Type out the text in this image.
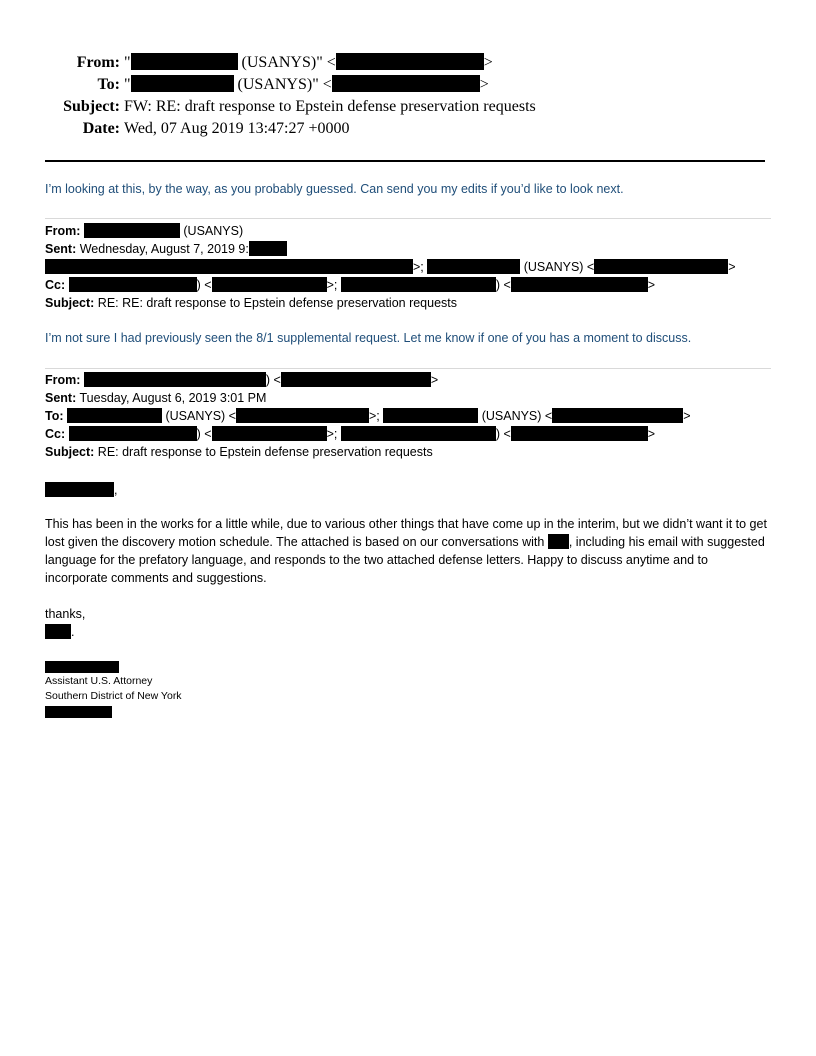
From: "	(USANYS)" <	>
To: "	(USANYS)" <	>
Subject: FW: RE: draft response to Epstein defense preservation requests
Date: Wed, 07 Aug 2019 13:47:27 +0000
I’m looking at this, by the way, as you probably guessed. Can send you my edits if you’d like to look next.
From:	(USANYS)
Sent: Wednesday, August 7, 2019 9:
>;	(USANYS) <	>
Cc:	) <	>;	) <	>
Subject: RE: RE: draft response to Epstein defense preservation requests
I’m not sure I had previously seen the 8/1 supplemental request. Let me know if one of you has a moment to discuss.
From:	) <	>
Sent: Tuesday, August 6, 2019 3:01 PM
To:	(USANYS) <	>;	(USANYS) <	>
Cc:	) <	>;	) <	>
Subject: RE: draft response to Epstein defense preservation requests
,
This has been in the works for a little while, due to various other things that have come up in the interim, but we didn’t want it to get lost given the discovery motion schedule. The attached is based on our conversations with , including his email with suggested language for the prefatory language, and responds to the two attached defense letters. Happy to discuss anytime and to incorporate comments and suggestions.
thanks,
.
Assistant U.S. Attorney
Southern District of New York
